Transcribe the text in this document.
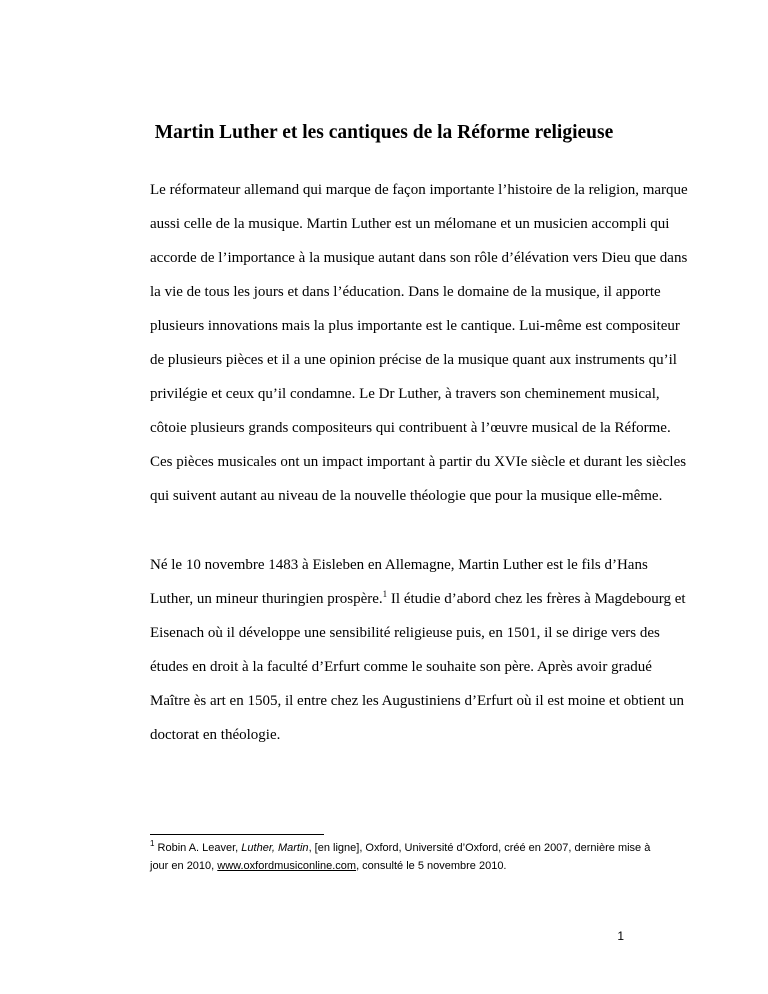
Martin Luther et les cantiques de la Réforme religieuse

Le réformateur allemand qui marque de façon importante l’histoire de la religion, marque
aussi celle de la musique. Martin Luther est un mélomane et un musicien accompli qui
accorde de l’importance à la musique autant dans son rôle d’élévation vers Dieu que dans
la vie de tous les jours et dans l’éducation. Dans le domaine de la musique, il apporte
plusieurs innovations mais la plus importante est le cantique. Lui-même est compositeur
de plusieurs pièces et il a une opinion précise de la musique quant aux instruments qu’il
privilégie et ceux qu’il condamne. Le Dr Luther, à travers son cheminement musical,
côtoie plusieurs grands compositeurs qui contribuent à l’œuvre musical de la Réforme.
Ces pièces musicales ont un impact important à partir du XVIe siècle et durant les siècles
qui suivent autant au niveau de la nouvelle théologie que pour la musique elle-même.

Né le 10 novembre 1483 à Eisleben en Allemagne, Martin Luther est le fils d’Hans
Luther, un mineur thuringien prospère.$^1$ Il étudie d’abord chez les frères à Magdebourg et
Eisenach où il développe une sensibilité religieuse puis, en 1501, il se dirige vers des
études en droit à la faculté d’Erfurt comme le souhaite son père. Après avoir gradué
Maître ès art en 1505, il entre chez les Augustiniens d’Erfurt où il est moine et obtient un
doctorat en théologie.

$^1$ Robin A. Leaver, Luther, Martin, [en ligne], Oxford, Université d’Oxford, créé en 2007, dernière mise à
jour en 2010, www.oxfordmusiconline.com, consulté le 5 novembre 2010.

1
